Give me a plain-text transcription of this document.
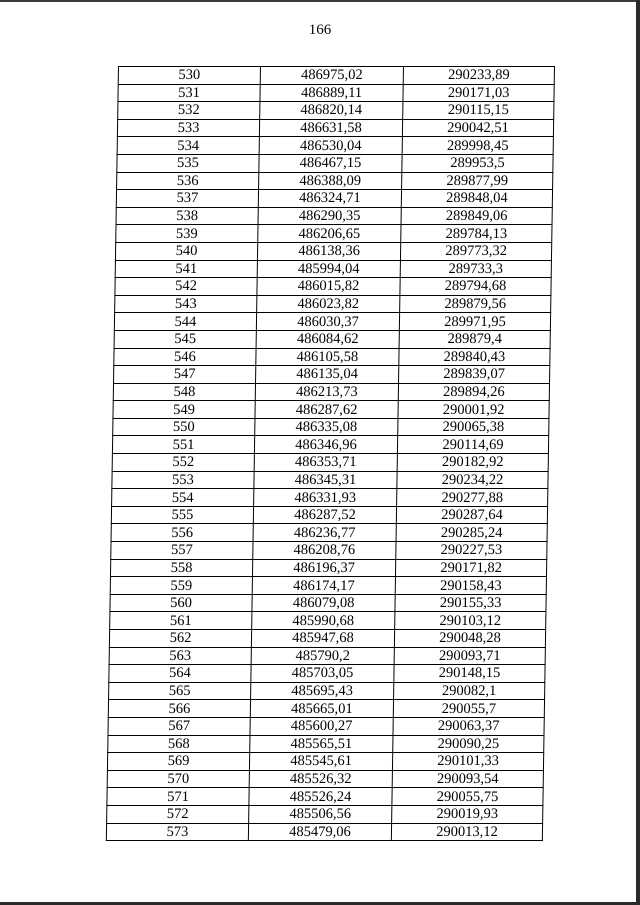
166
530	486975,02	290233,89
531	486889,11	290171,03
532	486820,14	290115,15
533	486631,58	290042,51
534	486530,04	289998,45
535	486467,15	289953,5
536	486388,09	289877,99
537	486324,71	289848,04
538	486290,35	289849,06
539	486206,65	289784,13
540	486138,36	289773,32
541	485994,04	289733,3
542	486015,82	289794,68
543	486023,82	289879,56
544	486030,37	289971,95
545	486084,62	289879,4
546	486105,58	289840,43
547	486135,04	289839,07
548	486213,73	289894,26
549	486287,62	290001,92
550	486335,08	290065,38
551	486346,96	290114,69
552	486353,71	290182,92
553	486345,31	290234,22
554	486331,93	290277,88
555	486287,52	290287,64
556	486236,77	290285,24
557	486208,76	290227,53
558	486196,37	290171,82
559	486174,17	290158,43
560	486079,08	290155,33
561	485990,68	290103,12
562	485947,68	290048,28
563	485790,2	290093,71
564	485703,05	290148,15
565	485695,43	290082,1
566	485665,01	290055,7
567	485600,27	290063,37
568	485565,51	290090,25
569	485545,61	290101,33
570	485526,32	290093,54
571	485526,24	290055,75
572	485506,56	290019,93
573	485479,06	290013,12
